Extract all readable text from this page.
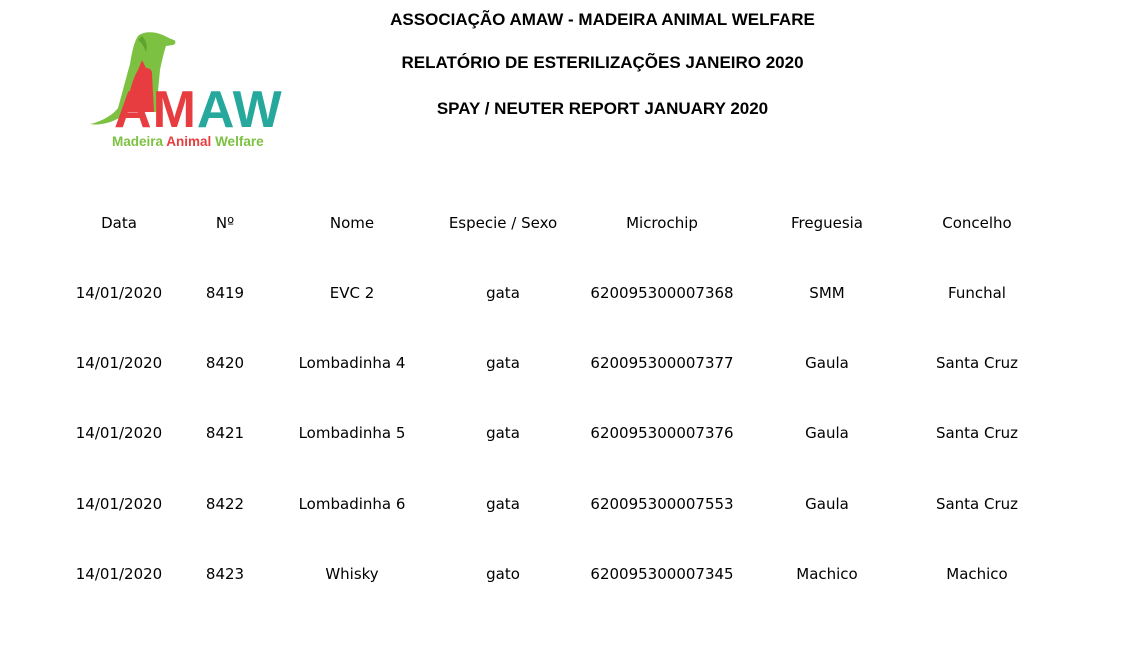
AMAW
Madeira Animal Welfare
ASSOCIAÇÃO AMAW - MADEIRA ANIMAL WELFARE
RELATÓRIO DE ESTERILIZAÇÕES JANEIRO 2020
SPAY / NEUTER REPORT JANUARY 2020
Data	Nº	Nome	Especie / Sexo	Microchip	Freguesia	Concelho
14/01/2020	8419	EVC 2	gata	620095300007368	SMM	Funchal
14/01/2020	8420	Lombadinha 4	gata	620095300007377	Gaula	Santa Cruz
14/01/2020	8421	Lombadinha 5	gata	620095300007376	Gaula	Santa Cruz
14/01/2020	8422	Lombadinha 6	gata	620095300007553	Gaula	Santa Cruz
14/01/2020	8423	Whisky	gato	620095300007345	Machico	Machico
